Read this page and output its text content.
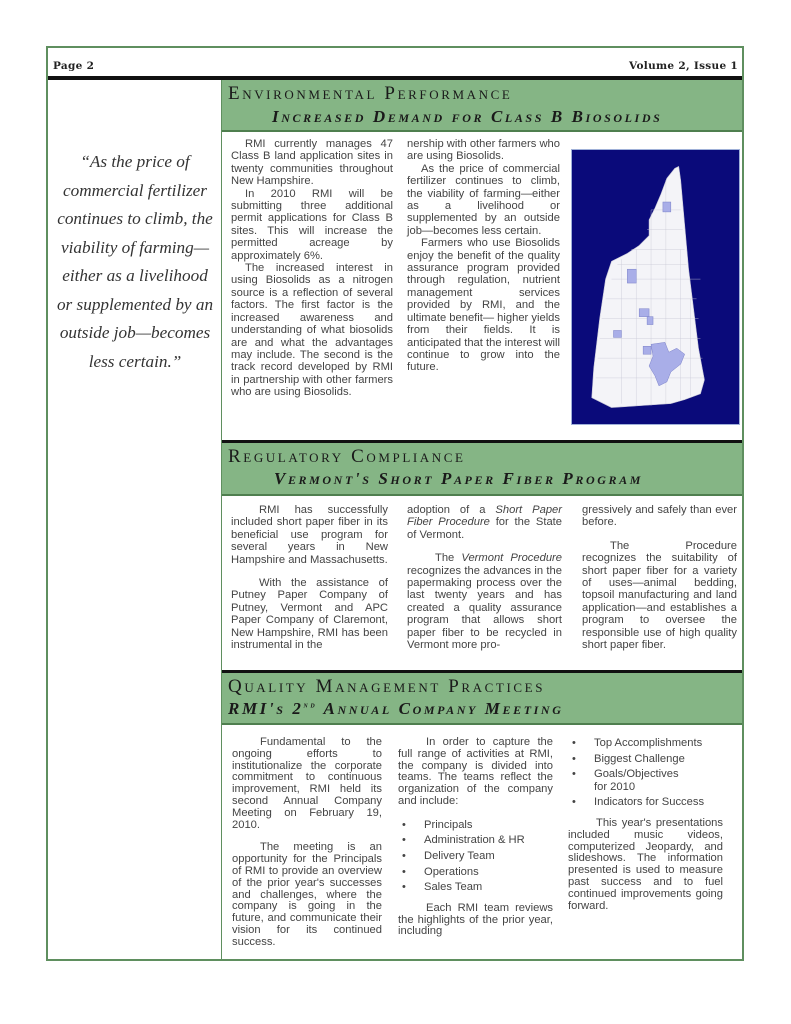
Page 2	Volume 2, Issue 1
“As the price of commercial fertilizer continues to climb, the viability of farming—either as a livelihood or supplemented by an outside job—becomes less certain.”
Environmental Performance
Increased Demand for Class B Biosolids

RMI currently manages 47 Class B land application sites in twenty communities throughout New Hampshire.

In 2010 RMI will be submitting three additional permit applications for Class B sites. This will increase the permitted acreage by approximately 6%.

The increased interest in using Biosolids as a nitrogen source is a reflection of several factors. The first factor is the increased awareness and understanding of what biosolids are and what the advantages may include. The second is the track record developed by RMI in partnership with other farmers who are using Biosolids.

nership with other farmers who are using Biosolids.

As the price of commercial fertilizer continues to climb, the viability of farming—either as a livelihood or supplemented by an outside job—becomes less certain.

Farmers who use Biosolids enjoy the benefit of the quality assurance program provided through regulation, nutrient management services provided by RMI, and the ultimate benefit— higher yields from their fields. It is anticipated that the interest will continue to grow into the future.

Regulatory Compliance
Vermont's Short Paper Fiber Program

RMI has successfully included short paper fiber in its beneficial use program for several years in New Hampshire and Massachusetts.

With the assistance of Putney Paper Company of Putney, Vermont and APC Paper Company of Claremont, New Hampshire, RMI has been instrumental in the

adoption of a Short Paper Fiber Procedure for the State of Vermont.

The Vermont Procedure recognizes the advances in the papermaking process over the last twenty years and has created a quality assurance program that allows short paper fiber to be recycled in Vermont more pro-

gressively and safely than ever before.

The Procedure recognizes the suitability of short paper fiber for a variety of uses—animal bedding, topsoil manufacturing and land application—and establishes a program to oversee the responsible use of high quality short paper fiber.

Quality Management Practices
RMI's 2nd Annual Company Meeting

Fundamental to the ongoing efforts to institutionalize the corporate commitment to continuous improvement, RMI held its second Annual Company Meeting on February 19, 2010.

The meeting is an opportunity for the Principals of RMI to provide an overview of the prior year's successes and challenges, where the company is going in the future, and communicate their vision for its continued success.

In order to capture the full range of activities at RMI, the company is divided into teams. The teams reflect the organization of the company and include:

• Principals
• Administration & HR
• Delivery Team
• Operations
• Sales Team

Each RMI team reviews the highlights of the prior year, including

• Top Accomplishments
• Biggest Challenge
• Goals/Objectives for 2010
• Indicators for Success

This year's presentations included music videos, computerized Jeopardy, and slideshows. The information presented is used to measure past success and to fuel continued improvements going forward.
